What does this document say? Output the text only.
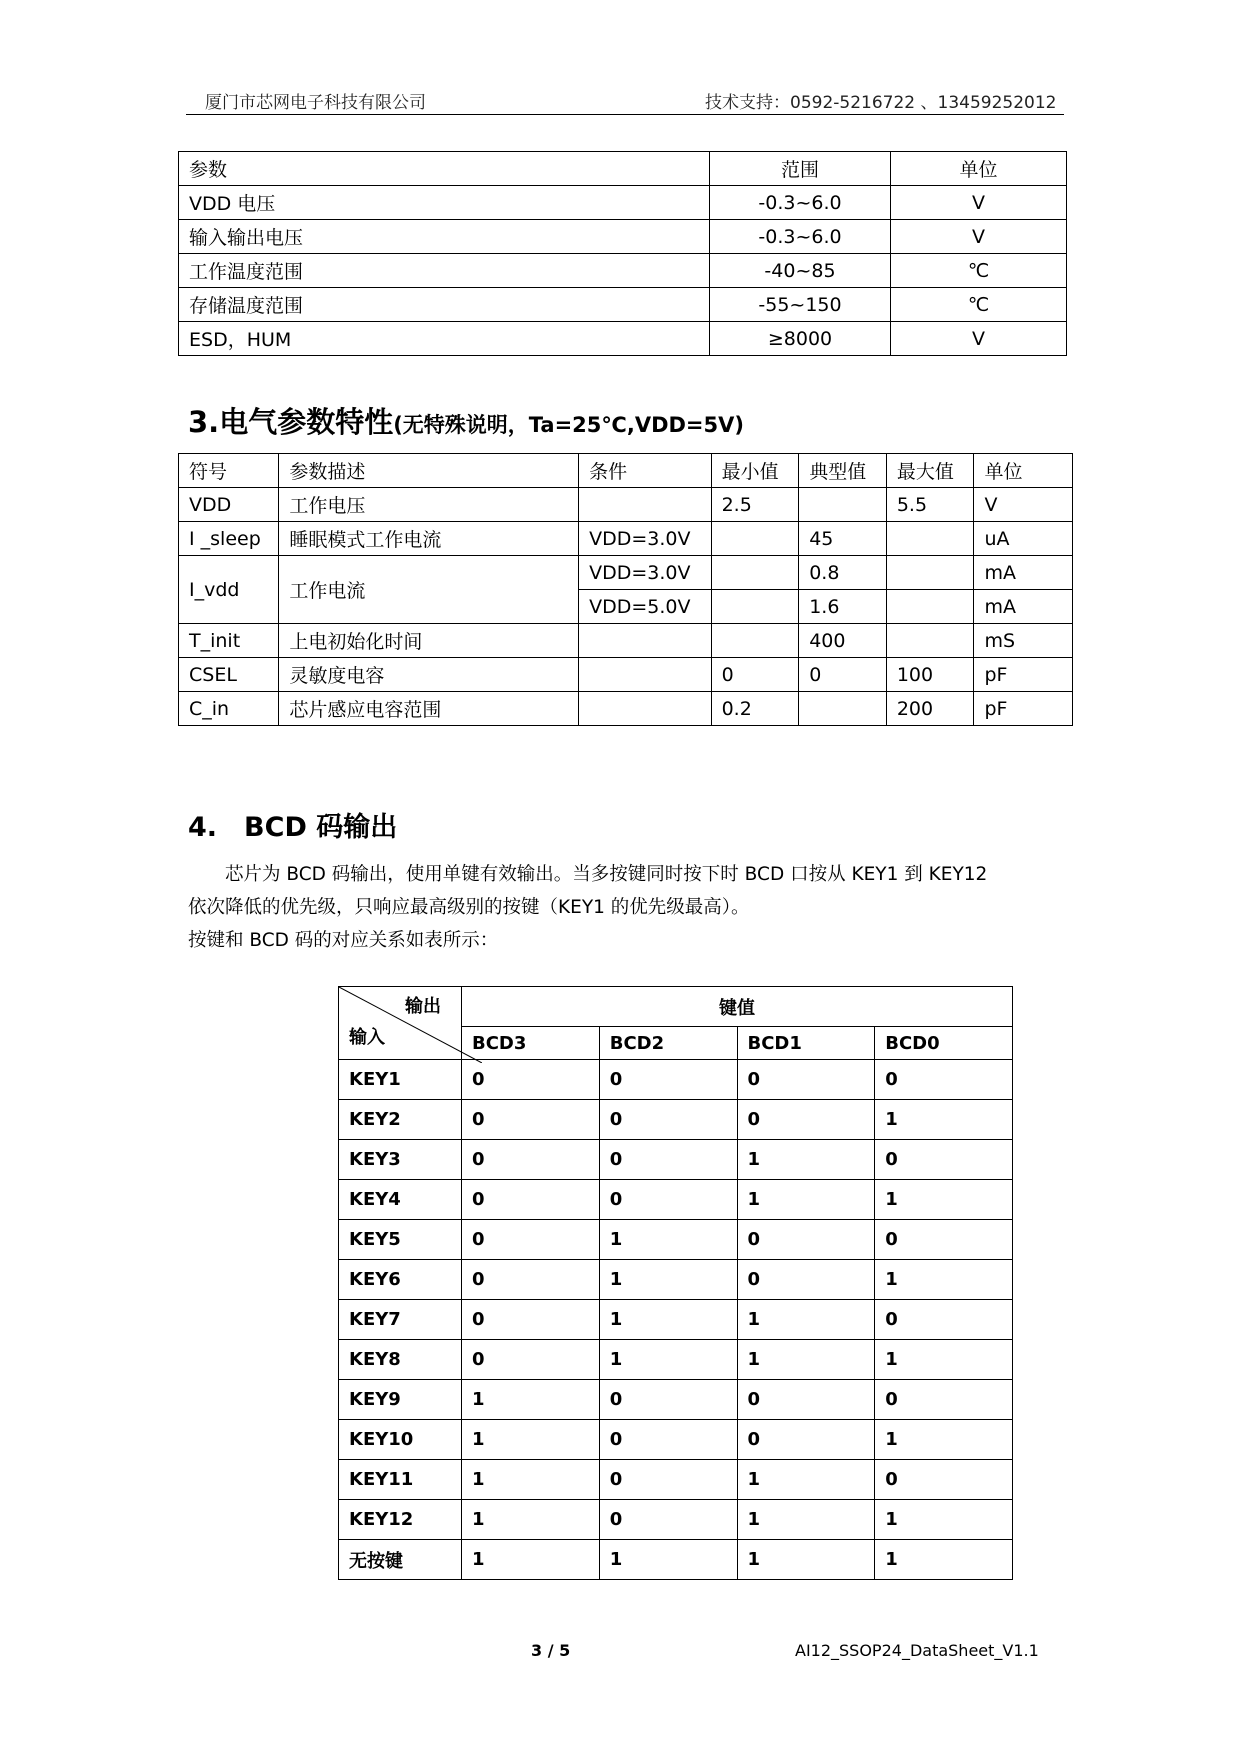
厦门市芯网电子科技有限公司	技术支持：0592-5216722 、13459252012
参数	范围	单位
VDD 电压	-0.3~6.0	V
输入输出电压	-0.3~6.0	V
工作温度范围	-40~85	℃
存储温度范围	-55~150	℃
ESD，HUM	≥8000	V
3.电气参数特性(无特殊说明，Ta=25℃,VDD=5V)
符号	参数描述	条件	最小值	典型值	最大值	单位
VDD	工作电压		2.5		5.5	V
I _sleep	睡眠模式工作电流	VDD=3.0V		45		uA
I_vdd	工作电流	VDD=3.0V		0.8		mA
		VDD=5.0V		1.6		mA
T_init	上电初始化时间			400		mS
CSEL	灵敏度电容		0	0	100	pF
C_in	芯片感应电容范围		0.2		200	pF
4.　BCD 码输出
　　芯片为 BCD 码输出，使用单键有效输出。当多按键同时按下时 BCD 口按从 KEY1 到 KEY12
依次降低的优先级，只响应最高级别的按键（KEY1 的优先级最高）。
按键和 BCD 码的对应关系如表所示：
输出
输入	键值			
	BCD3	BCD2	BCD1	BCD0
KEY1	0	0	0	0
KEY2	0	0	0	1
KEY3	0	0	1	0
KEY4	0	0	1	1
KEY5	0	1	0	0
KEY6	0	1	0	1
KEY7	0	1	1	0
KEY8	0	1	1	1
KEY9	1	0	0	0
KEY10	1	0	0	1
KEY11	1	0	1	0
KEY12	1	0	1	1
无按键	1	1	1	1
3 / 5	AI12_SSOP24_DataSheet_V1.1
